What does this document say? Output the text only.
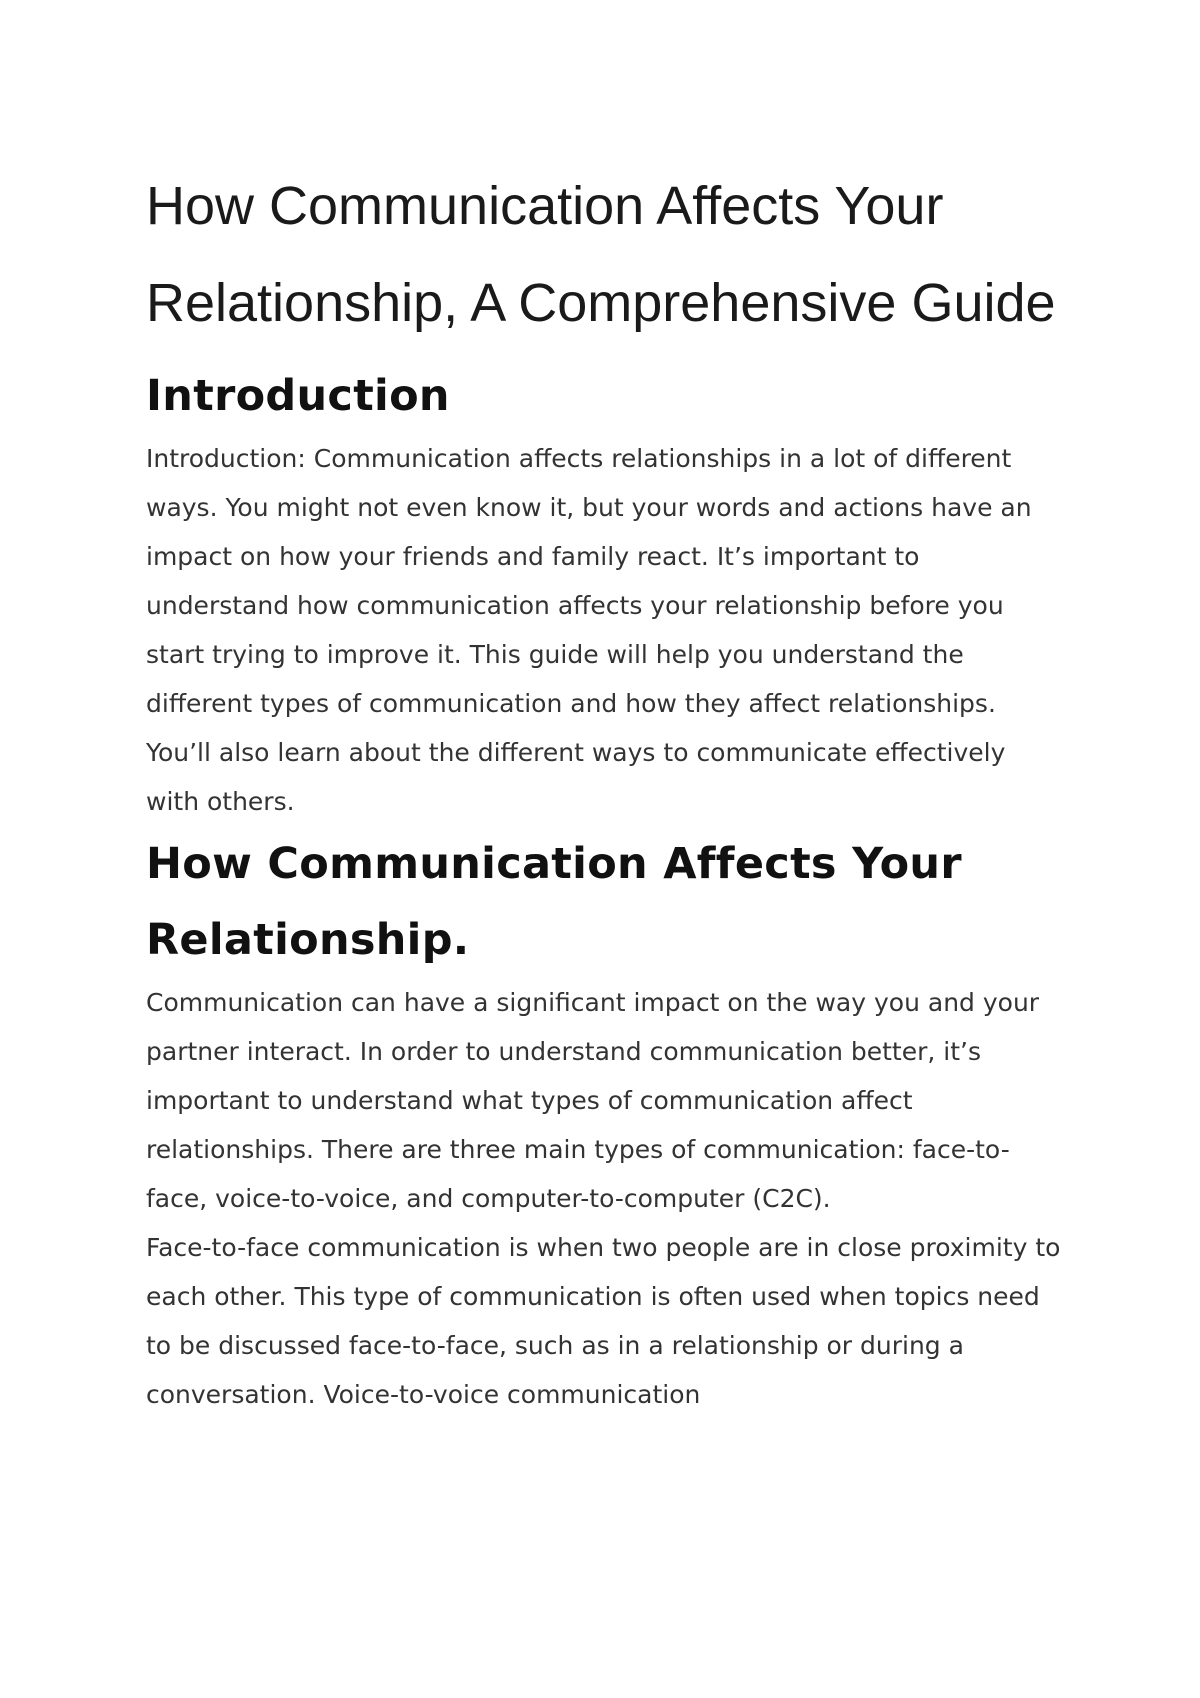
How Communication Affects Your Relationship, A Comprehensive Guide
Introduction

Introduction: Communication affects relationships in a lot of different ways. You might not even know it, but your words and actions have an impact on how your friends and family react. It’s important to understand how communication affects your relationship before you start trying to improve it. This guide will help you understand the different types of communication and how they affect relationships. You’ll also learn about the different ways to communicate effectively with others.

How Communication Affects Your Relationship.

Communication can have a significant impact on the way you and your partner interact. In order to understand communication better, it’s important to understand what types of communication affect relationships. There are three main types of communication: face-to-face, voice-to-voice, and computer-to-computer (C2C).

Face-to-face communication is when two people are in close proximity to each other. This type of communication is often used when topics need to be discussed face-to-face, such as in a relationship or during a conversation. Voice-to-voice communication
